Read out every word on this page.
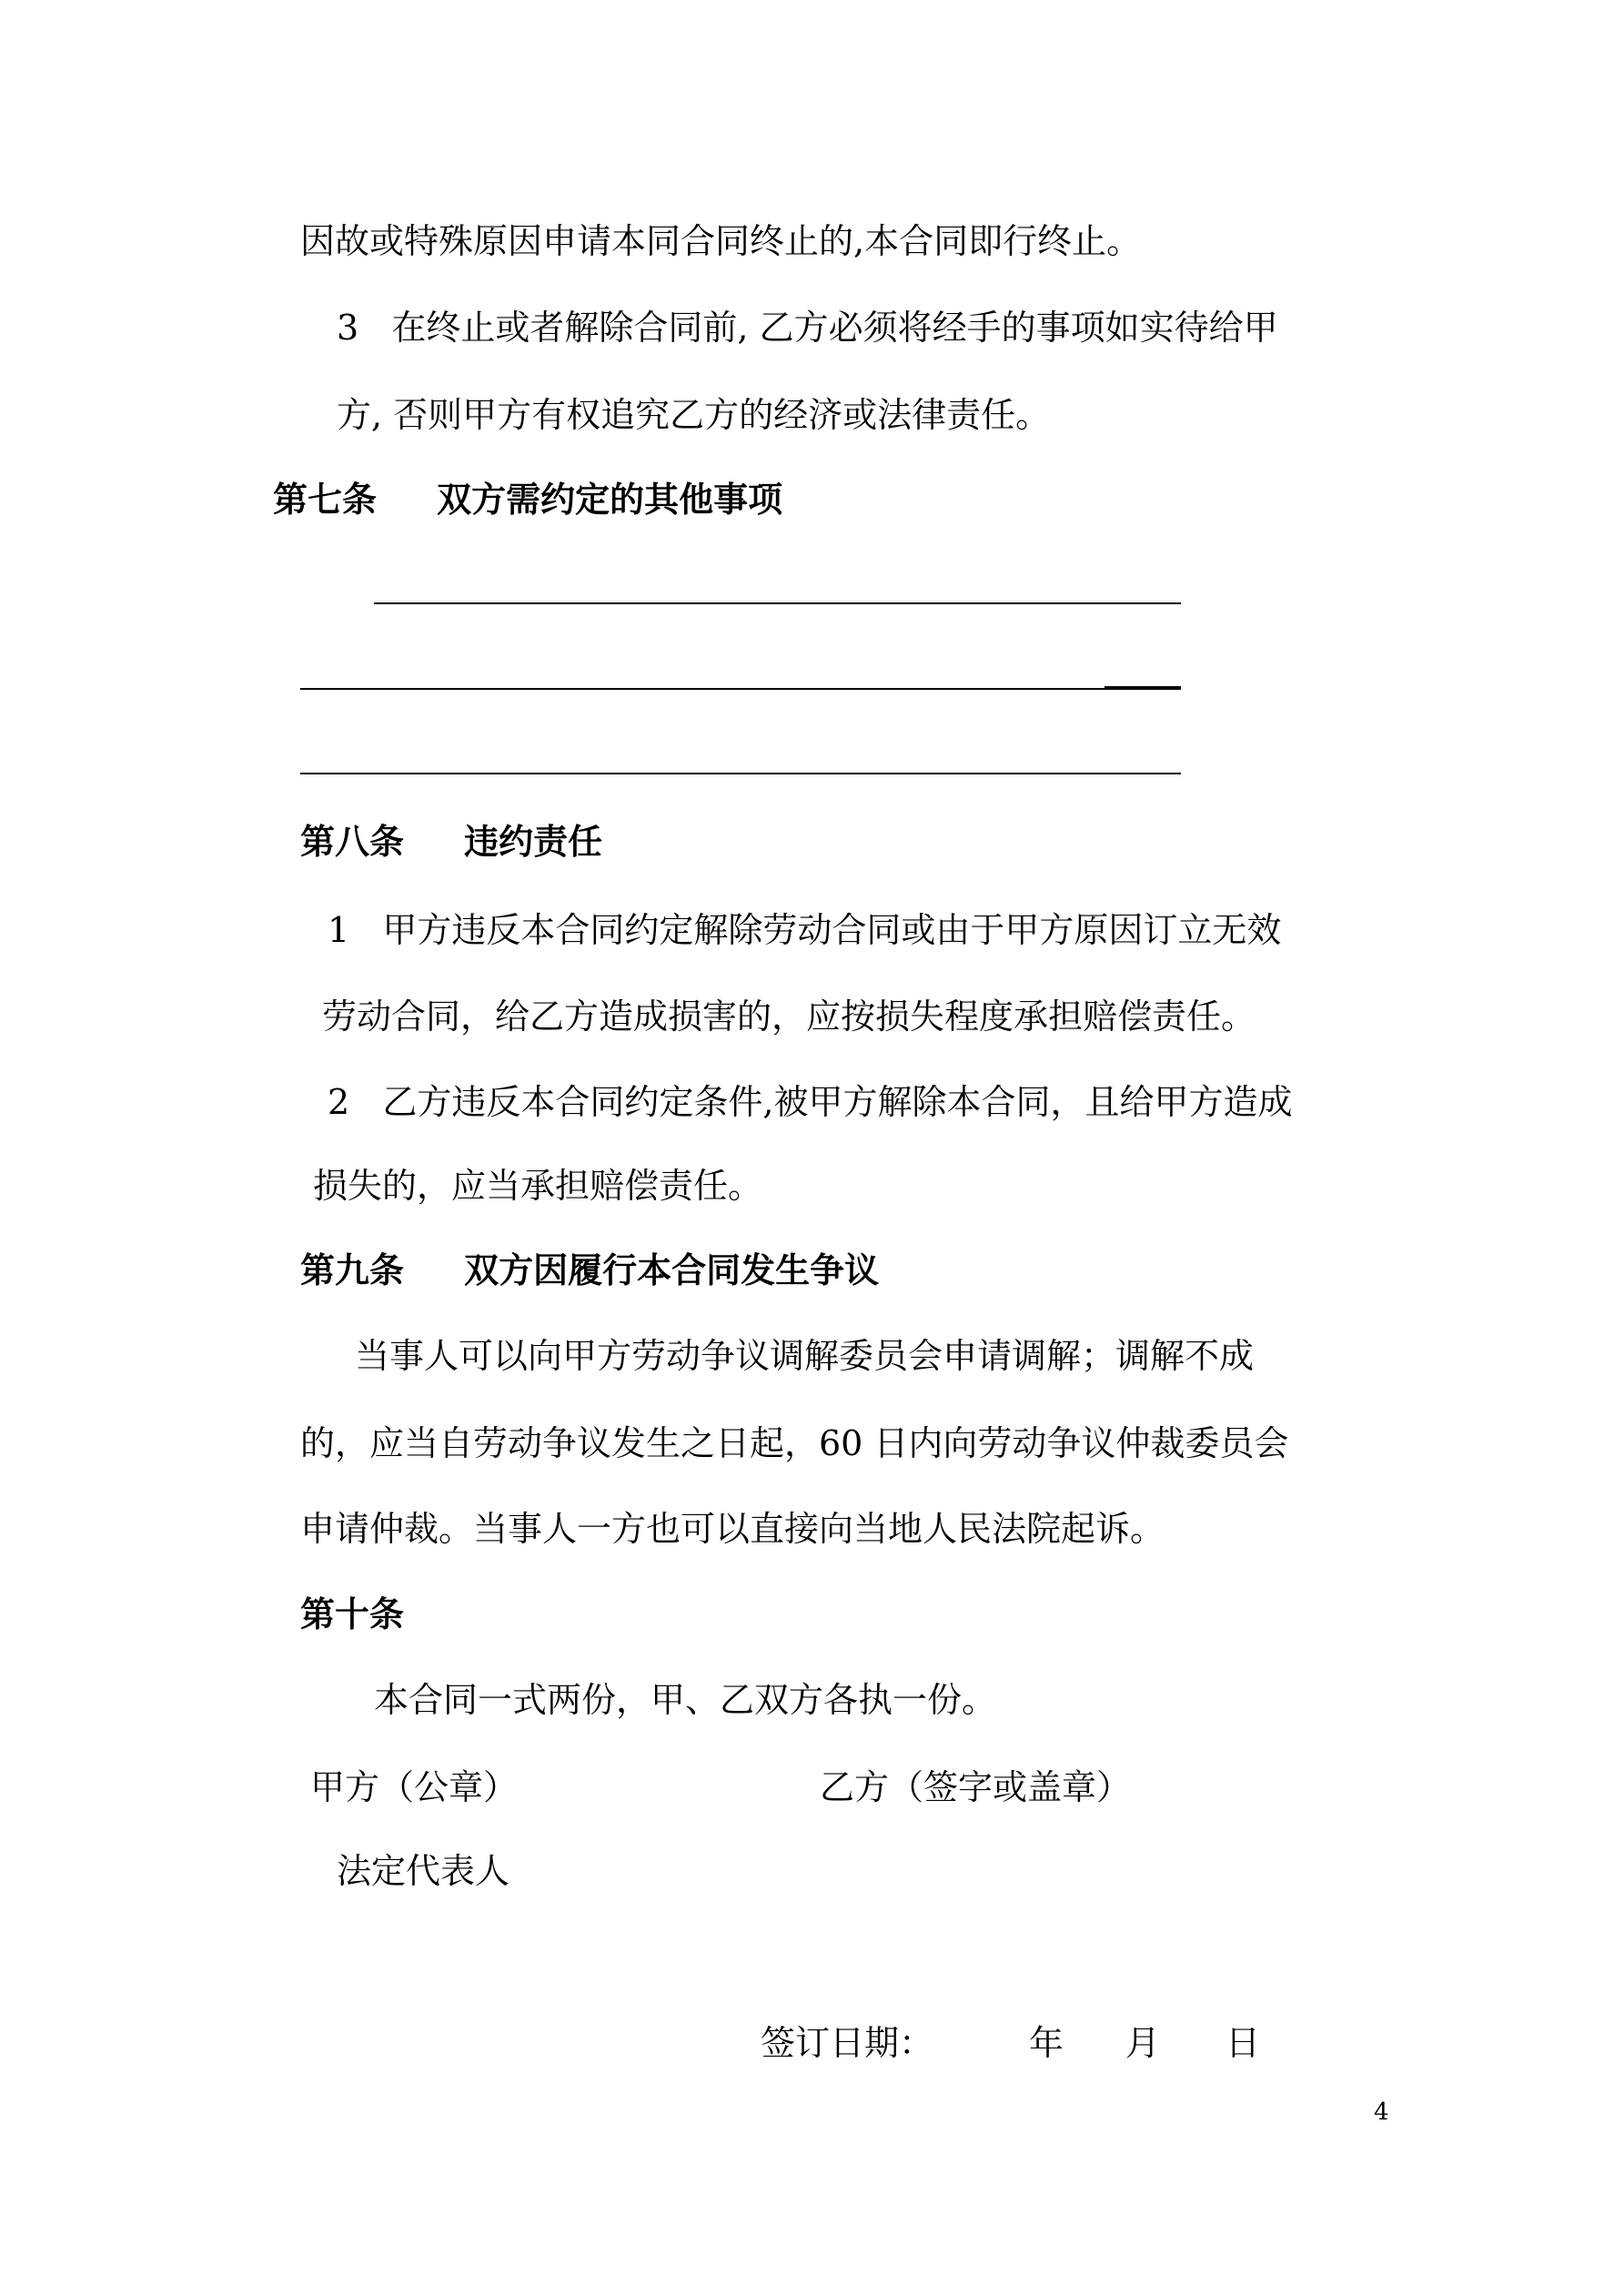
因故或特殊原因申请本同合同终止的,本合同即行终止。
3   在终止或者解除合同前, 乙方必须将经手的事项如实待给甲
方, 否则甲方有权追究乙方的经济或法律责任。
第七条     双方需约定的其他事项
第八条     违约责任
1   甲方违反本合同约定解除劳动合同或由于甲方原因订立无效
劳动合同，给乙方造成损害的，应按损失程度承担赔偿责任。
2   乙方违反本合同约定条件,被甲方解除本合同，且给甲方造成
损失的，应当承担赔偿责任。
第九条     双方因履行本合同发生争议
当事人可以向甲方劳动争议调解委员会申请调解；调解不成
的，应当自劳动争议发生之日起，60 日内向劳动争议仲裁委员会
申请仲裁。当事人一方也可以直接向当地人民法院起诉。
第十条
本合同一式两份，甲、乙双方各执一份。
甲方（公章）	乙方（签字或盖章）
法定代表人
签订日期：	年 月 日
4
